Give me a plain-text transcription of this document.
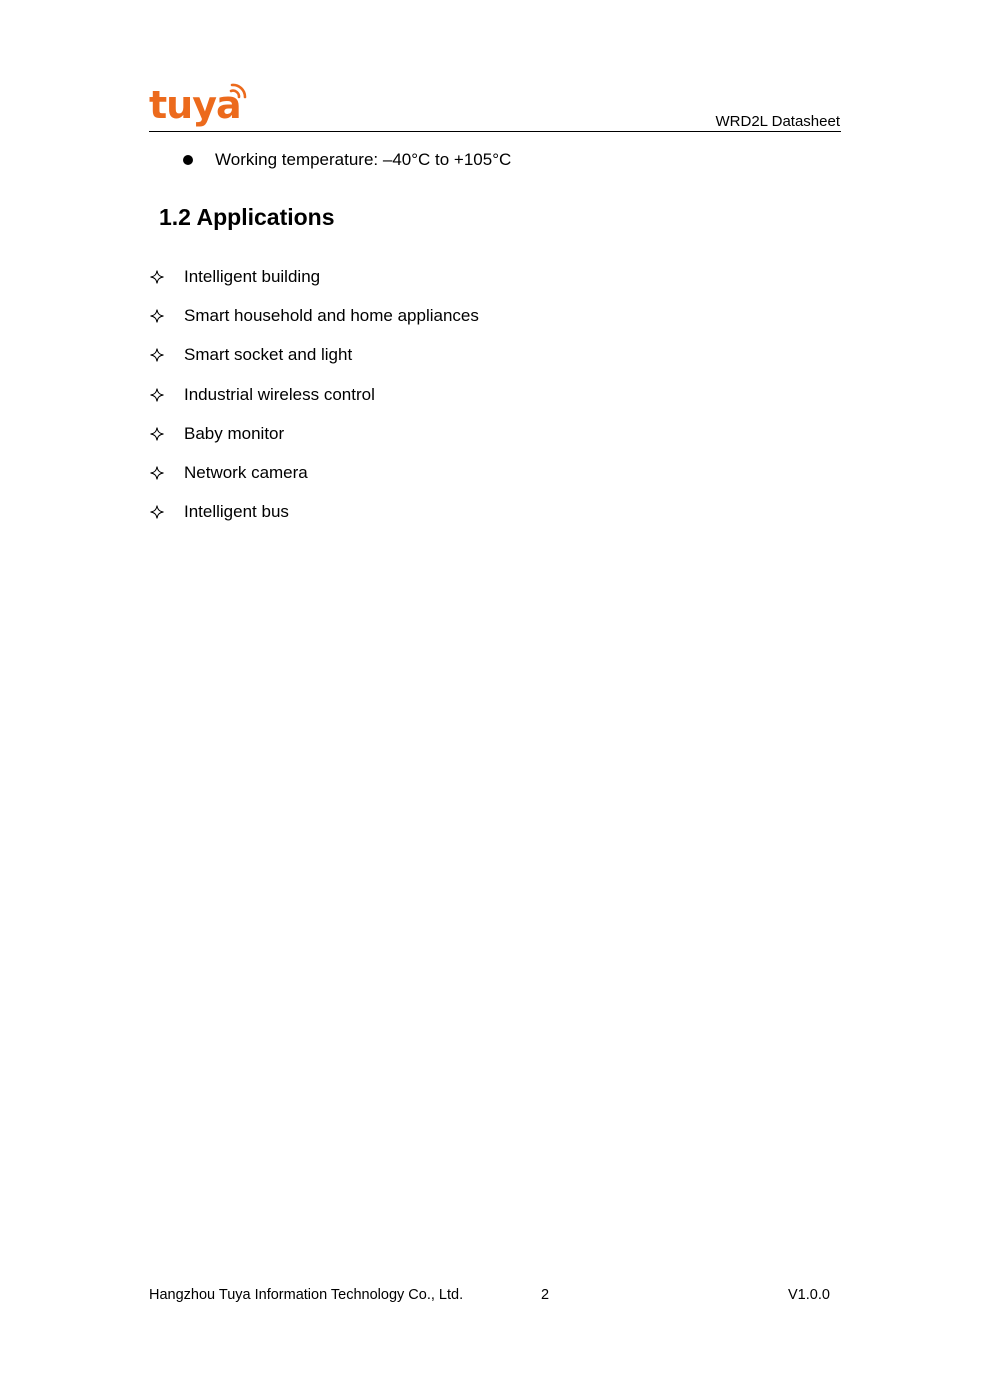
tuya	WRD2L Datasheet
Working temperature: –40°C to +105°C
1.2 Applications
Intelligent building
Smart household and home appliances
Smart socket and light
Industrial wireless control
Baby monitor
Network camera
Intelligent bus
Hangzhou Tuya Information Technology Co., Ltd.	2	V1.0.0
